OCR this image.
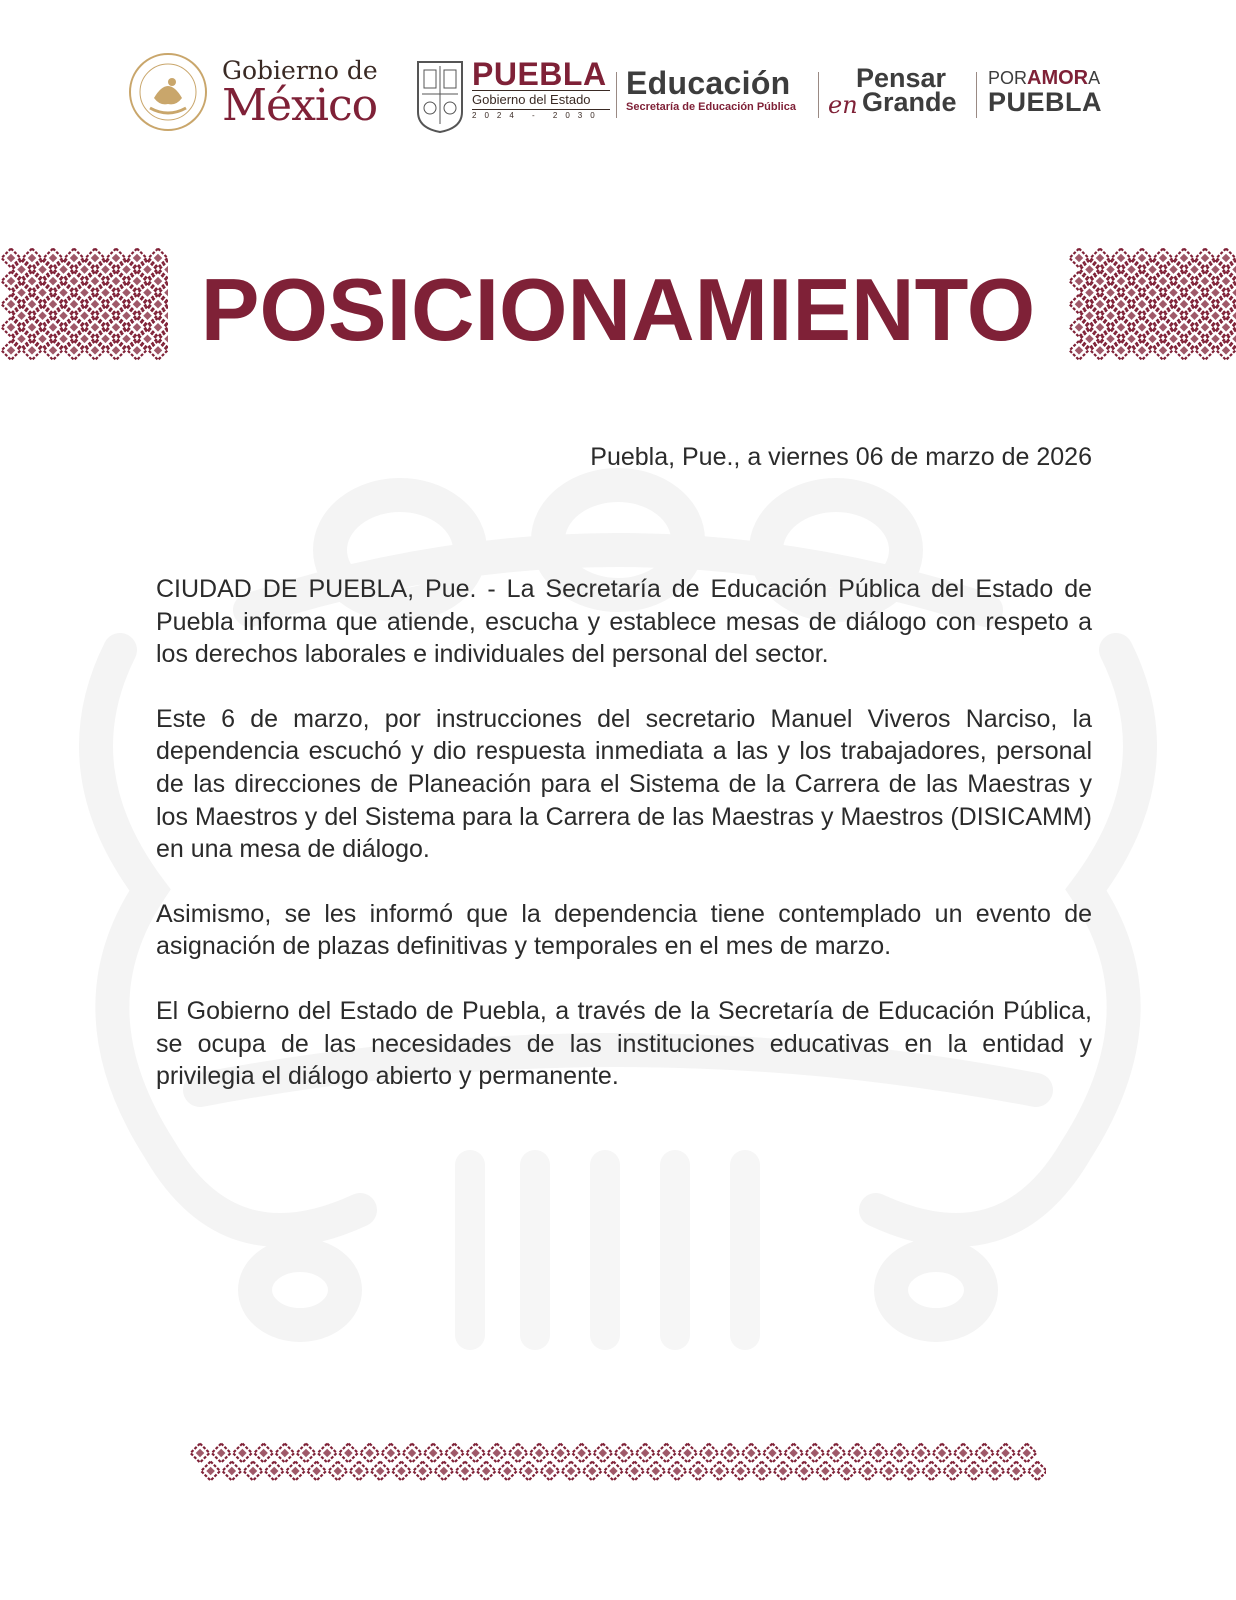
Gobierno de
México
PUEBLA
Gobierno del Estado
2024 - 2030
Educación
Secretaría de Educación Pública
Pensar
en Grande
PORAMORA
PUEBLA
POSICIONAMIENTO
Puebla, Pue., a viernes 06 de marzo de 2026

CIUDAD DE PUEBLA, Pue. - La Secretaría de Educación Pública del Estado de Puebla informa que atiende, escucha y establece mesas de diálogo con respeto a los derechos laborales e individuales del personal del sector.

Este 6 de marzo, por instrucciones del secretario Manuel Viveros Narciso, la dependencia escuchó y dio respuesta inmediata a las y los trabajadores, personal de las direcciones de Planeación para el Sistema de la Carrera de las Maestras y los Maestros y del Sistema para la Carrera de las Maestras y Maestros (DISICAMM) en una mesa de diálogo.

Asimismo, se les informó que la dependencia tiene contemplado un evento de asignación de plazas definitivas y temporales en el mes de marzo.

El Gobierno del Estado de Puebla, a través de la Secretaría de Educación Pública, se ocupa de las necesidades de las instituciones educativas en la entidad y privilegia el diálogo abierto y permanente.
